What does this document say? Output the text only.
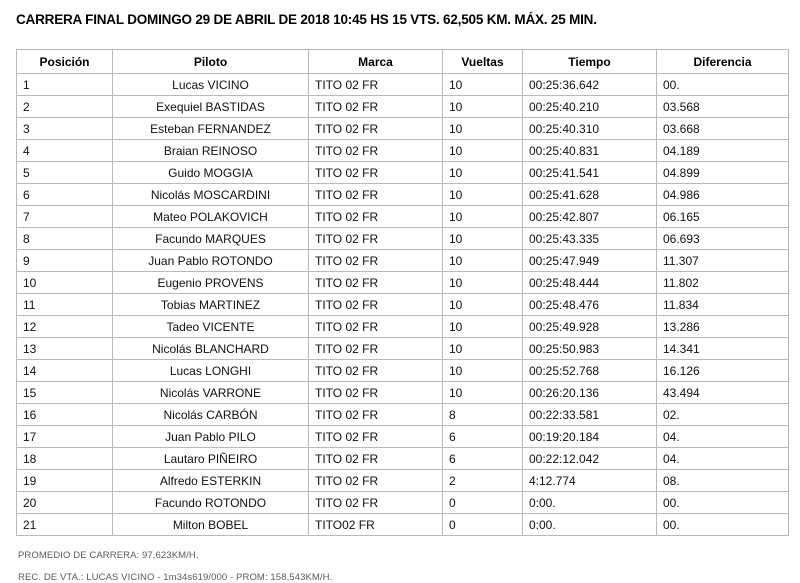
CARRERA FINAL DOMINGO 29 DE ABRIL DE 2018 10:45 HS 15 VTS. 62,505 KM. MÁX. 25 MIN.
Posición	Piloto	Marca	Vueltas	Tiempo	Diferencia
1	Lucas VICINO	TITO 02 FR	10	00:25:36.642	00.
2	Exequiel BASTIDAS	TITO 02 FR	10	00:25:40.210	03.568
3	Esteban FERNANDEZ	TITO 02 FR	10	00:25:40.310	03.668
4	Braian REINOSO	TITO 02 FR	10	00:25:40.831	04.189
5	Guido MOGGIA	TITO 02 FR	10	00:25:41.541	04.899
6	Nicolás MOSCARDINI	TITO 02 FR	10	00:25:41.628	04.986
7	Mateo POLAKOVICH	TITO 02 FR	10	00:25:42.807	06.165
8	Facundo MARQUES	TITO 02 FR	10	00:25:43.335	06.693
9	Juan Pablo ROTONDO	TITO 02 FR	10	00:25:47.949	11.307
10	Eugenio PROVENS	TITO 02 FR	10	00:25:48.444	11.802
11	Tobias MARTINEZ	TITO 02 FR	10	00:25:48.476	11.834
12	Tadeo VICENTE	TITO 02 FR	10	00:25:49.928	13.286
13	Nicolás BLANCHARD	TITO 02 FR	10	00:25:50.983	14.341
14	Lucas LONGHI	TITO 02 FR	10	00:25:52.768	16.126
15	Nicolás VARRONE	TITO 02 FR	10	00:26:20.136	43.494
16	Nicolás CARBÓN	TITO 02 FR	8	00:22:33.581	02.
17	Juan Pablo PILO	TITO 02 FR	6	00:19:20.184	04.
18	Lautaro PIÑEIRO	TITO 02 FR	6	00:22:12.042	04.
19	Alfredo ESTERKIN	TITO 02 FR	2	4:12.774	08.
20	Facundo ROTONDO	TITO 02 FR	0	0:00.	00.
21	Milton BOBEL	TITO02 FR	0	0:00.	00.
PROMEDIO DE CARRERA: 97,623KM/H.
REC. DE VTA.: LUCAS VICINO - 1m34s619/000 - PROM: 158,543KM/H.
